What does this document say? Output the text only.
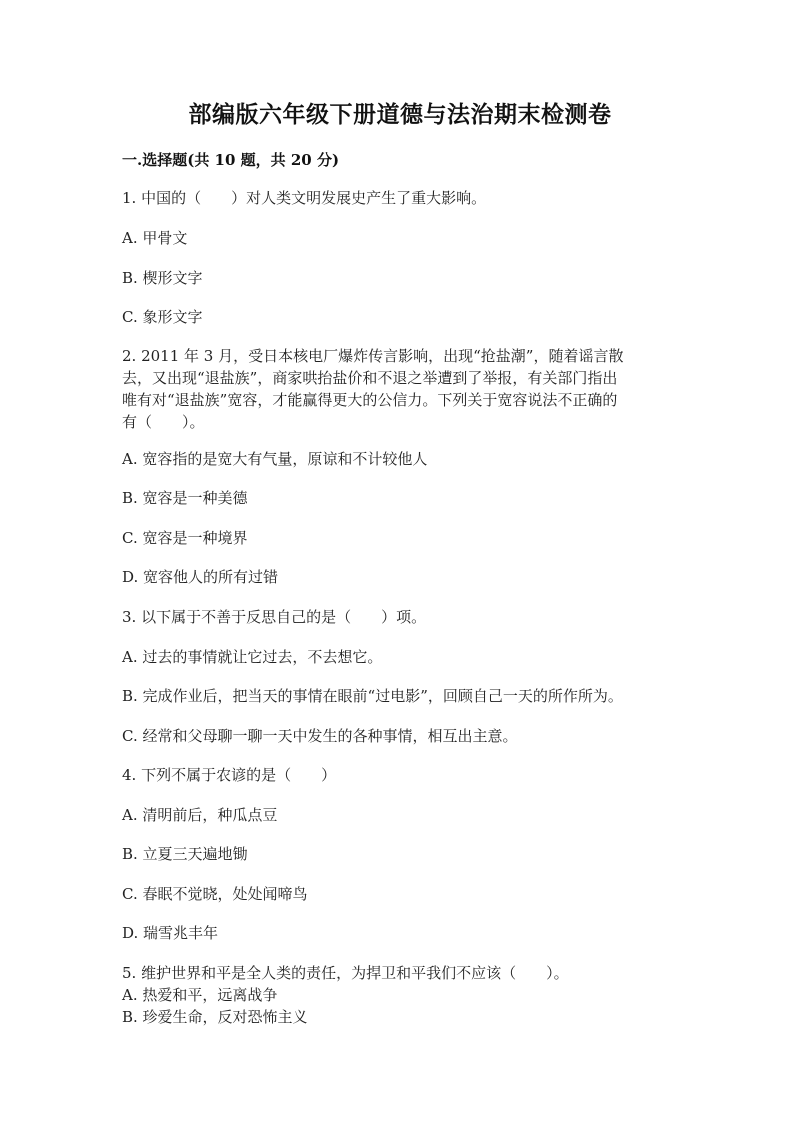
部编版六年级下册道德与法治期末检测卷
一.选择题(共 10 题，共 20 分)
1. 中国的（　　）对人类文明发展史产生了重大影响。
A. 甲骨文
B. 楔形文字
C. 象形文字
2. 2011 年 3 月，受日本核电厂爆炸传言影响，出现“抢盐潮”，随着谣言散
去，又出现“退盐族”，商家哄抬盐价和不退之举遭到了举报，有关部门指出
唯有对“退盐族”宽容，才能赢得更大的公信力。下列关于宽容说法不正确的
有（　　）。
A. 宽容指的是宽大有气量，原谅和不计较他人
B. 宽容是一种美德
C. 宽容是一种境界
D. 宽容他人的所有过错
3. 以下属于不善于反思自己的是（　　）项。
A. 过去的事情就让它过去，不去想它。
B. 完成作业后，把当天的事情在眼前“过电影”，回顾自己一天的所作所为。
C. 经常和父母聊一聊一天中发生的各种事情，相互出主意。
4. 下列不属于农谚的是（　　）
A. 清明前后，种瓜点豆
B. 立夏三天遍地锄
C. 春眠不觉晓，处处闻啼鸟
D. 瑞雪兆丰年
5. 维护世界和平是全人类的责任，为捍卫和平我们不应该（　　）。
A. 热爱和平，远离战争
B. 珍爱生命，反对恐怖主义
